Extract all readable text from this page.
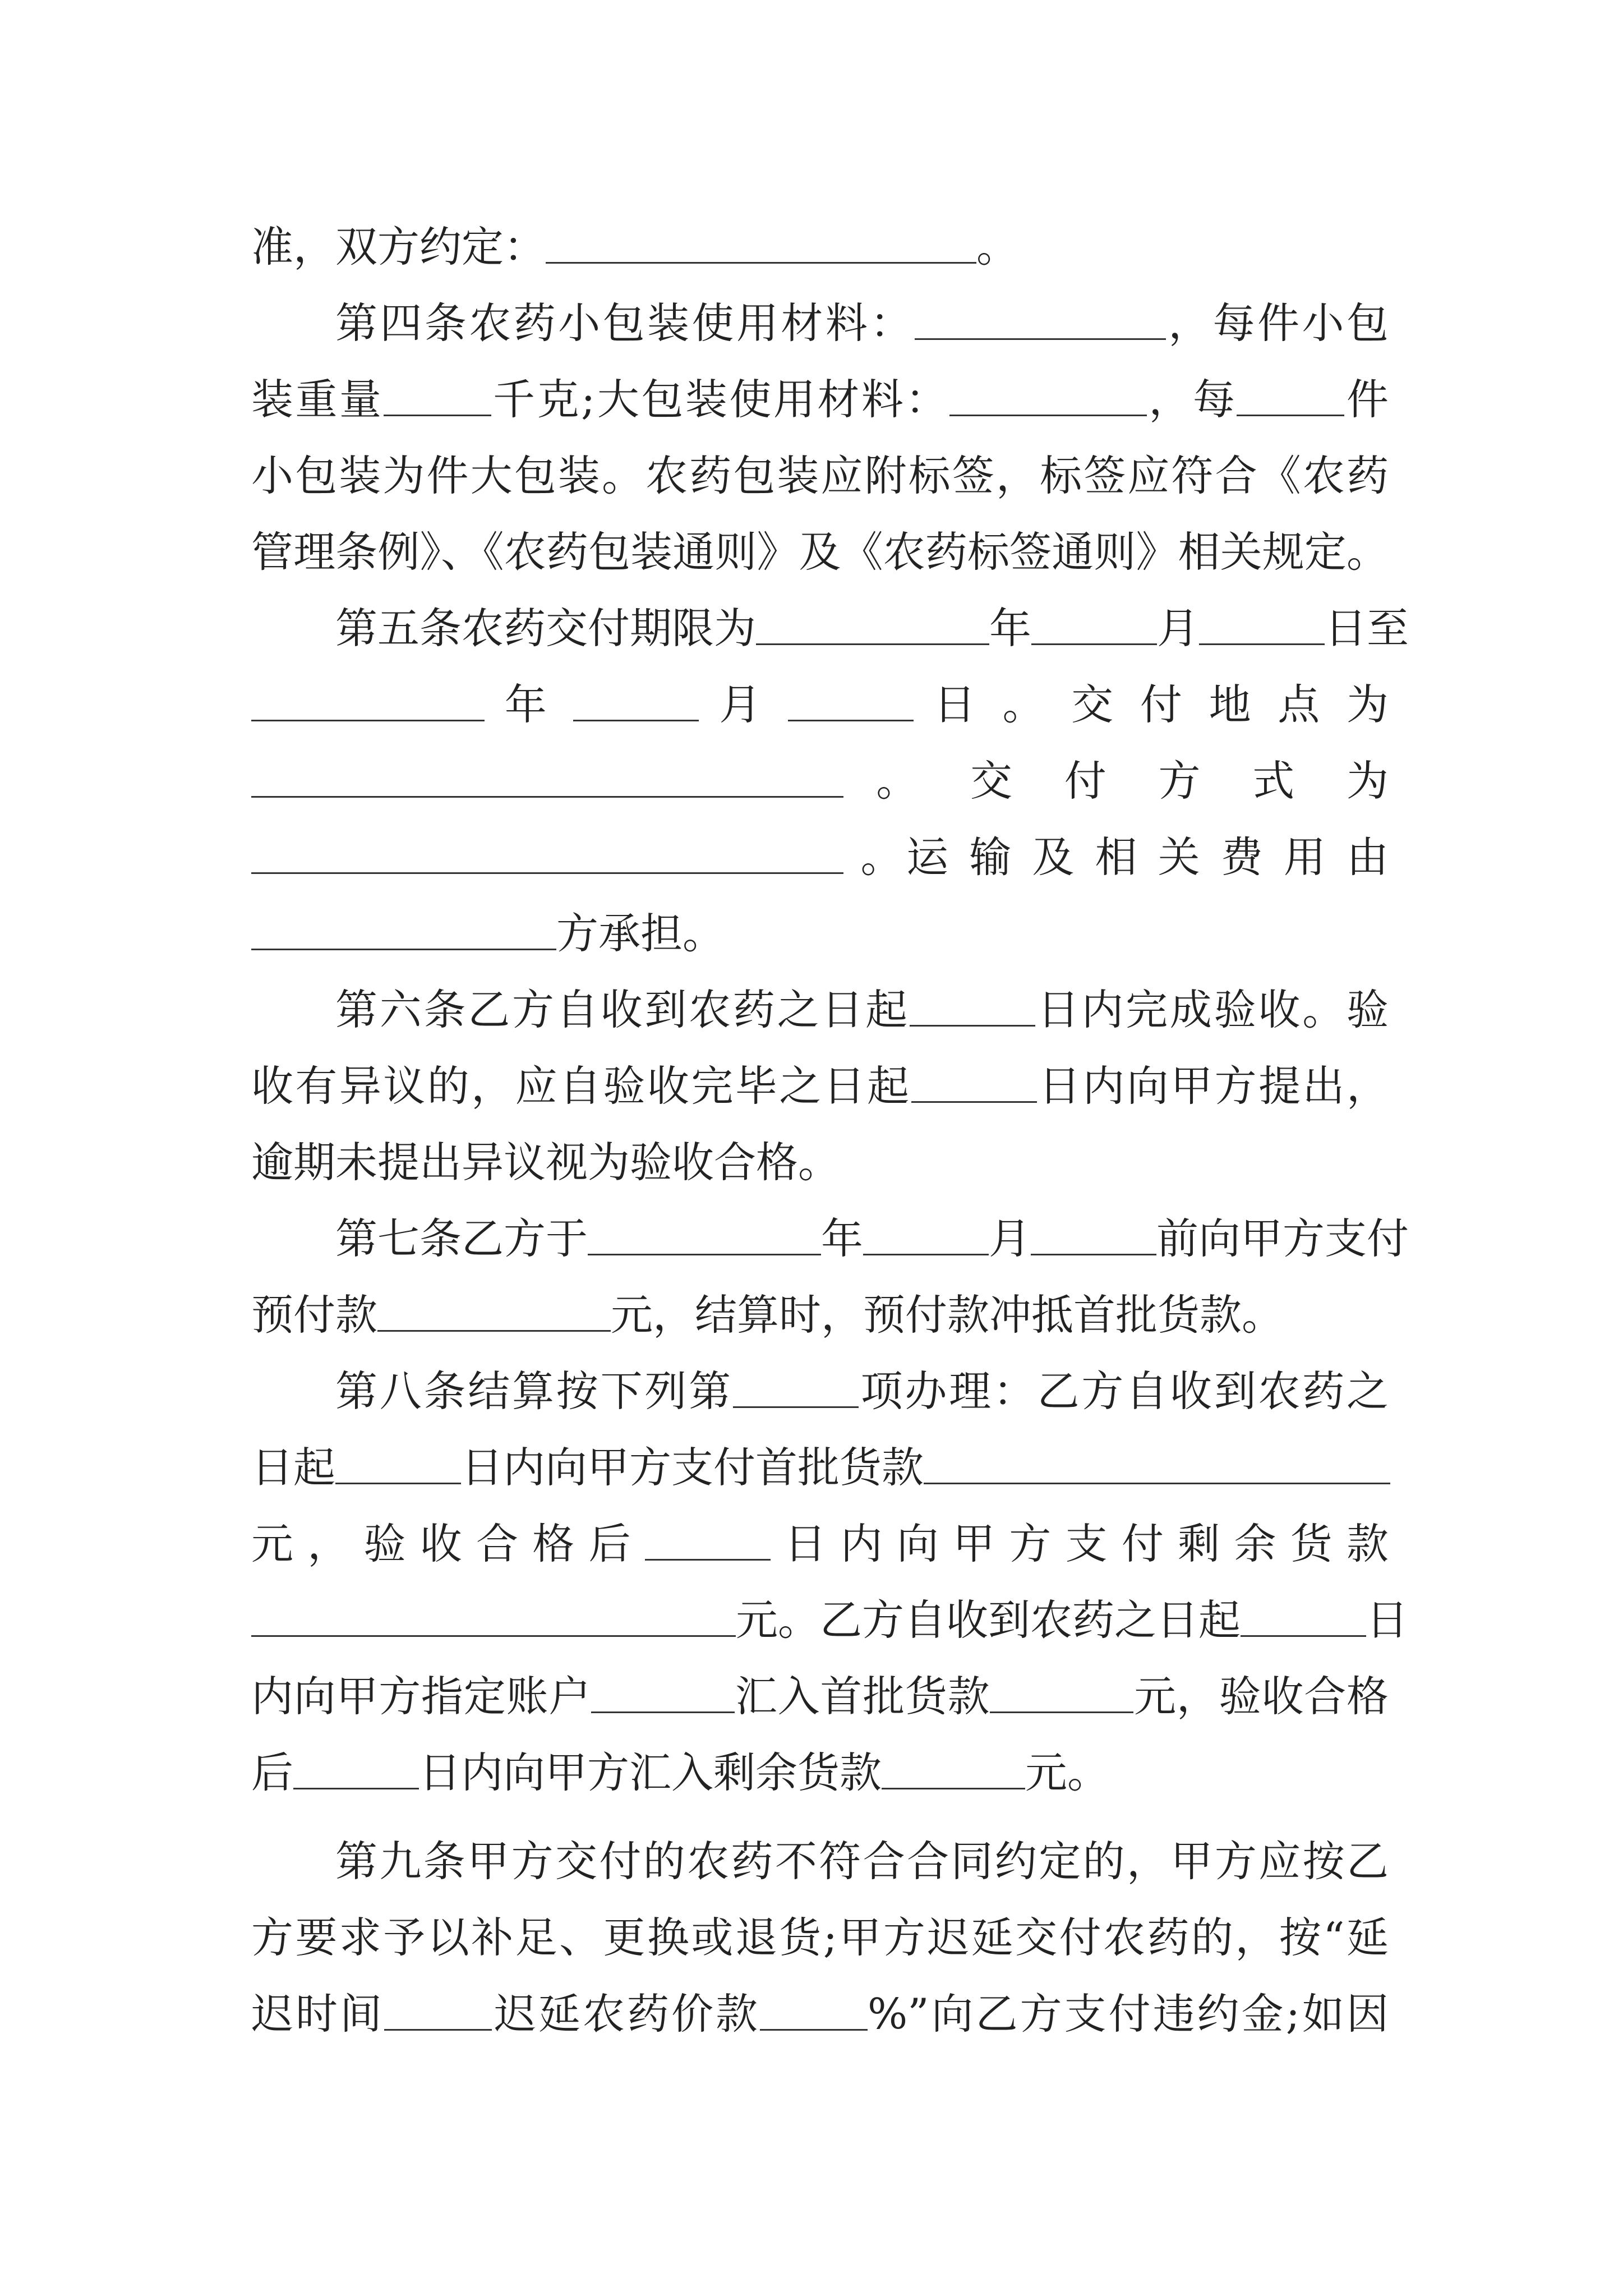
准，双方约定：	。
第四条农药小包装使用材料：	，每件小包
装重量	千克;大包装使用材料：	，每	件
小包装为件大包装。农药包装应附标签，标签应符合《农药
管理条例》、《农药包装通则》及《农药标签通则》相关规定。
第五条农药交付期限为	年	月	日至
年	月	日 。 交 付 地 点 为
。 交 付 方 式 为
。运 输 及 相 关 费 用 由
方承担。
第六条乙方自收到农药之日起	日内完成验收。验
收有异议的，应自验收完毕之日起	日内向甲方提出，
逾期未提出异议视为验收合格。
第七条乙方于	年	月	前向甲方支付
预付款	元，结算时，预付款冲抵首批货款。
第八条结算按下列第	项办理：乙方自收到农药之
日起	日内向甲方支付首批货款
元 ， 验 收 合 格 后	日 内 向 甲 方 支 付 剩 余 货 款
元。乙方自收到农药之日起	日
内向甲方指定账户	汇入首批货款	元，验收合格
后	日内向甲方汇入剩余货款	元。
第九条甲方交付的农药不符合合同约定的，甲方应按乙
方要求予以补足、更换或退货;甲方迟延交付农药的，按“延
迟时间	迟延农药价款	%”向乙方支付违约金;如因
